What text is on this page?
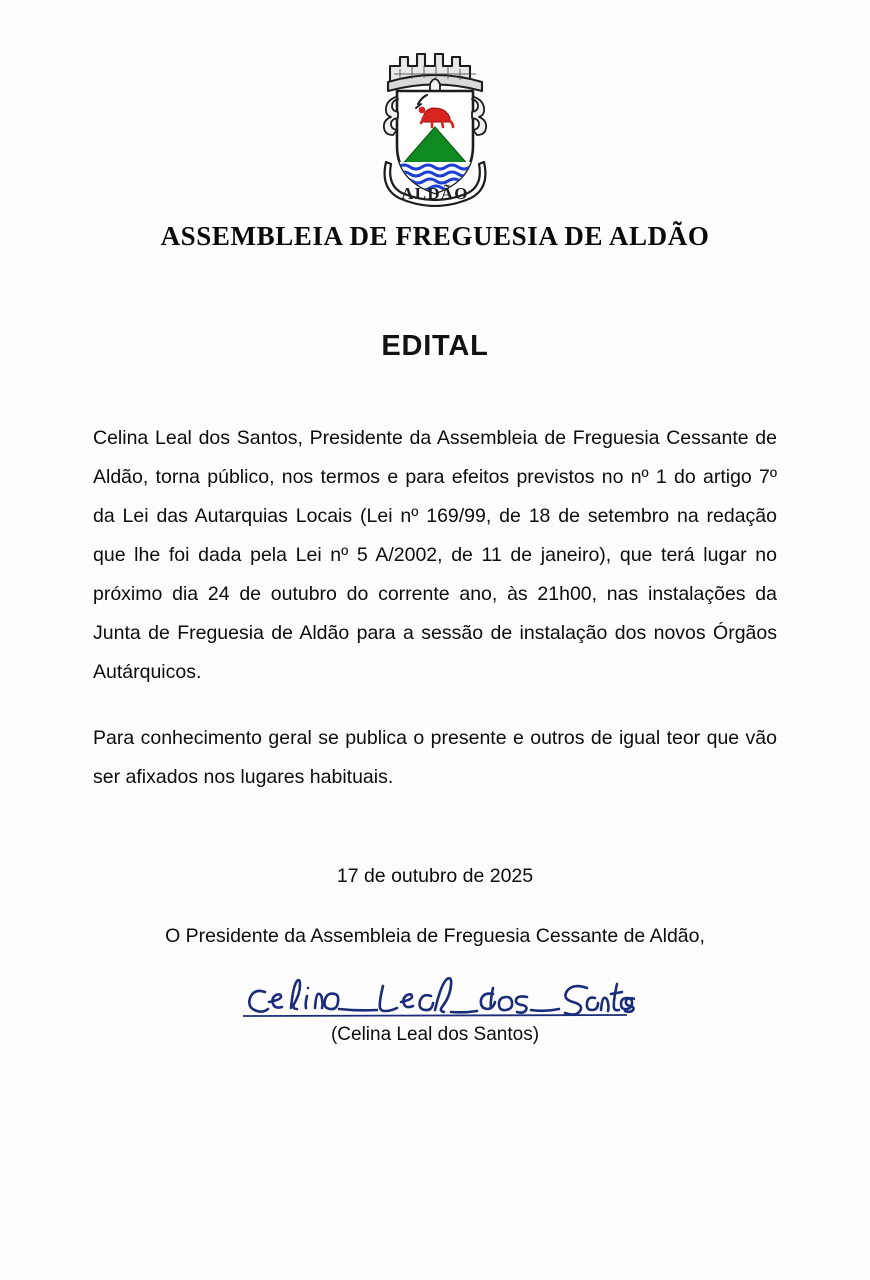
ALDÃO
ASSEMBLEIA DE FREGUESIA DE ALDÃO
EDITAL

Celina Leal dos Santos, Presidente da Assembleia de Freguesia Cessante de Aldão, torna público, nos termos e para efeitos previstos no nº 1 do artigo 7º da Lei das Autarquias Locais (Lei nº 169/99, de 18 de setembro na redação que lhe foi dada pela Lei nº 5 A/2002, de 11 de janeiro), que terá lugar no próximo dia 24 de outubro do corrente ano, às 21h00, nas instalações da Junta de Freguesia de Aldão para a sessão de instalação dos novos Órgãos Autárquicos.

Para conhecimento geral se publica o presente e outros de igual teor que vão ser afixados nos lugares habituais.

17 de outubro de 2025
O Presidente da Assembleia de Freguesia Cessante de Aldão,
(Celina Leal dos Santos)
